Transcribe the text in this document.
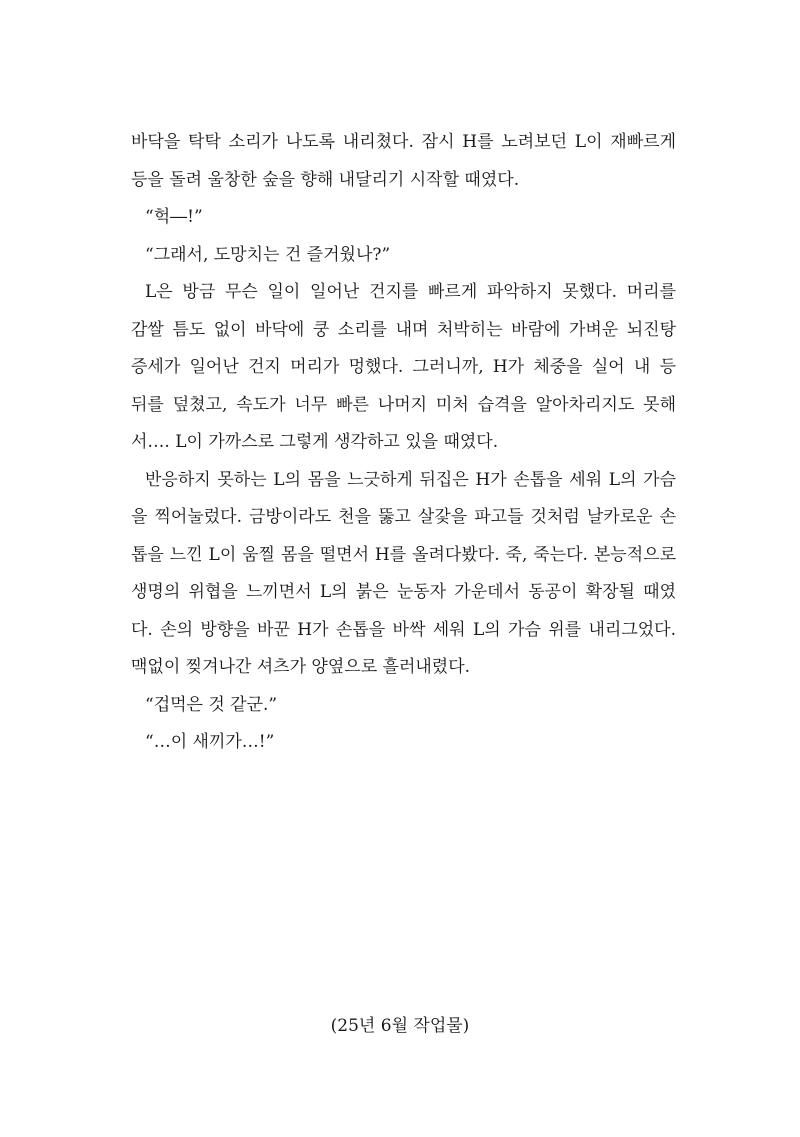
바닥을 탁탁 소리가 나도록 내리쳤다. 잠시 H를 노려보던 L이 재빠르게
등을 돌려 울창한 숲을 향해 내달리기 시작할 때였다.
“헉―!”
“그래서, 도망치는 건 즐거웠나?”
L은 방금 무슨 일이 일어난 건지를 빠르게 파악하지 못했다. 머리를
감쌀 틈도 없이 바닥에 쿵 소리를 내며 처박히는 바람에 가벼운 뇌진탕
증세가 일어난 건지 머리가 멍했다. 그러니까, H가 체중을 실어 내 등
뒤를 덮쳤고, 속도가 너무 빠른 나머지 미처 습격을 알아차리지도 못해
서…. L이 가까스로 그렇게 생각하고 있을 때였다.
반응하지 못하는 L의 몸을 느긋하게 뒤집은 H가 손톱을 세워 L의 가슴
을 찍어눌렀다. 금방이라도 천을 뚫고 살갗을 파고들 것처럼 날카로운 손
톱을 느낀 L이 움찔 몸을 떨면서 H를 올려다봤다. 죽, 죽는다. 본능적으로
생명의 위협을 느끼면서 L의 붉은 눈동자 가운데서 동공이 확장될 때였
다. 손의 방향을 바꾼 H가 손톱을 바싹 세워 L의 가슴 위를 내리그었다.
맥없이 찢겨나간 셔츠가 양옆으로 흘러내렸다.
“겁먹은 것 같군.”
“…이 새끼가…!”
(25년 6월 작업물)
